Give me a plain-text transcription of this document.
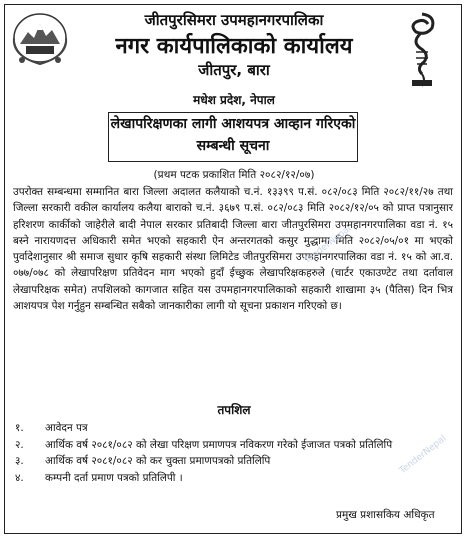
जीतपुरसिमरा उपमहानगरपालिका
नगर कार्यपालिकाको कार्यालय
जीतपुर, बारा
मधेश प्रदेश, नेपाल
लेखापरिक्षणका लागी आशयपत्र आव्हान गरिएको
सम्बन्धी सूचना
(प्रथम पटक प्रकाशित मिति २०८२/१२/०७)
उपरोक्त सम्बन्धमा सम्मानित बारा जिल्ला अदालत कलैयाको च.नं. १३३९९ प.सं. ०८२/०८३ मिति २०८२/११/२७ तथा जिल्ला सरकारी वकील कार्यालय कलैया बाराको च.नं. ३६७९ प.सं. ०८२/०८३ मिति २०८२/१२/०५ को प्राप्त पत्रानुसार हरिशरण कार्कीको जाहेरीले बादी नेपाल सरकार प्रतिबादी जिल्ला बारा जीतपुरसिमरा उपमहानगरपालिका वडा नं. १५ बस्ने नारायणदत्त अधिकारी समेत भएको सहकारी ऐन अन्तरगतको कसुर मुद्धामा मिति २०८२/०५/०१ मा भएको पुर्वादेशानुसार श्री समाज सुधार कृषि सहकारी संस्था लिमिटेड जीतपुरसिमरा उपमहानगरपालिका वडा नं. १५ को आ.व. ०७७/०७८ को लेखापरिक्षण प्रतिवेदन माग भएको हुदाँ ईच्छुक लेखापरिक्षकहरुले (चार्टर एकाउण्टेट तथा दर्तावाल लेखापरिक्षक समेत) तपशिलको कागजात सहित यस उपमहानगरपालिकाको सहकारी शाखामा ३५ (पैतिस) दिन भित्र आशयपत्र पेश गर्नुहुन सम्बन्धित सबैको जानकारीका लागी यो सूचना प्रकाशन गरिएको छ।
तपशिल
१.	आवेदन पत्र
२.	आर्थिक वर्ष २०८१/०८२ को लेखा परिक्षण प्रमाणपत्र नविकरण गरेको ईजाजत पत्रको प्रतिलिपि
३.	आर्थिक वर्ष २०८१/०८२ को कर चुक्ता प्रमाणपत्रको प्रतिलिपि
४.	कम्पनी दर्ता प्रमाण पत्रको प्रतिलिपी ।
प्रमुख प्रशासकिय अधिकृत
TenderNepal
TenderNepal
